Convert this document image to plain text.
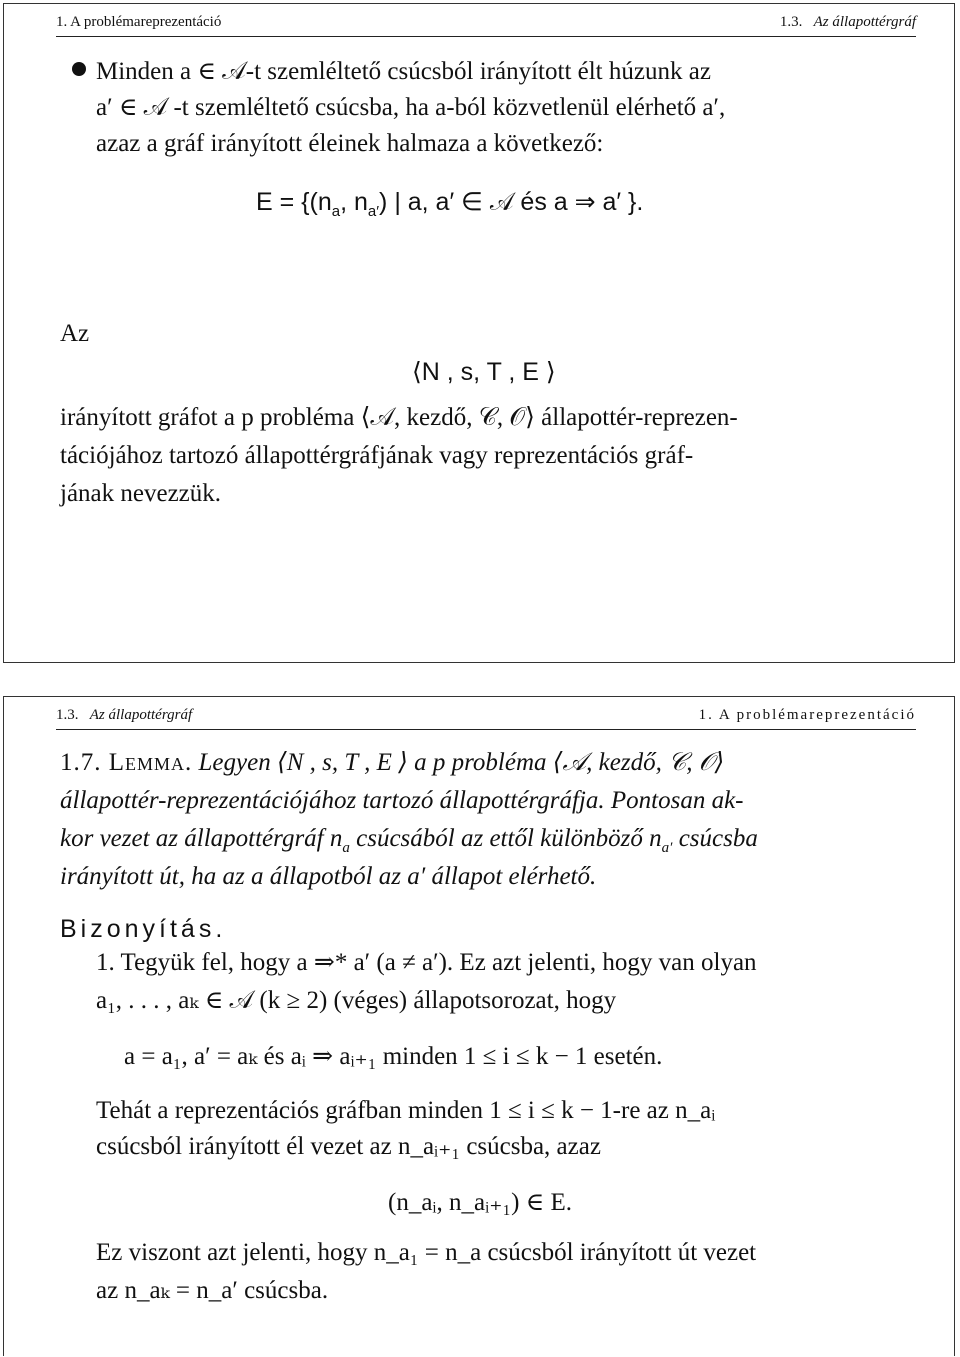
1. A problémareprezentáció	1.3. Az állapottérgráf
Minden a ∈ 𝒜-t szemléltető csúcsból irányított élt húzunk az
a′ ∈ 𝒜 -t szemléltető csúcsba, ha a-ból közvetlenül elérhető a′,
azaz a gráf irányított éleinek halmaza a következő:
$E = \{(n_a$, $n_{a'}$) | a, a′ ∈ 𝒜 és a ⇒ a′ }.
Az
⟨N , s, T , E ⟩
irányított gráfot a p probléma ⟨𝒜, kezdő, 𝒞, 𝒪⟩ állapottér-reprezen-
tációjához tartozó állapottérgráfjának vagy reprezentációs gráf-
jának nevezzük.
1.3. Az állapottérgráf	1. A problémareprezentáció
1.7. Lemma. Legyen ⟨N , s, T , E ⟩ a p probléma ⟨𝒜, kezdő, 𝒞, 𝒪⟩
állapottér-reprezentációjához tartozó állapottérgráfja. Pontosan ak-
kor vezet az állapottérgráf $n_a$ csúcsából az ettől különböző $n_{a'}$ csúcsba
irányított út, ha az a állapotból az a′ állapot elérhető.
Bizonyítás.
1. Tegyük fel, hogy a ⇒* a′ (a ≠ a′). Ez azt jelenti, hogy van olyan
a₁, . . . , aₖ ∈ 𝒜 (k ≥ 2) (véges) állapotsorozat, hogy
a = a₁, a′ = aₖ és aᵢ ⇒ aᵢ₊₁ minden 1 ≤ i ≤ k − 1 esetén.
Tehát a reprezentációs gráfban minden 1 ≤ i ≤ k − 1-re az n_aᵢ
csúcsból irányított él vezet az n_aᵢ₊₁ csúcsba, azaz
(n_aᵢ, n_aᵢ₊₁) ∈ E.
Ez viszont azt jelenti, hogy n_a₁ = n_a csúcsból irányított út vezet
az n_aₖ = n_a′ csúcsba.
